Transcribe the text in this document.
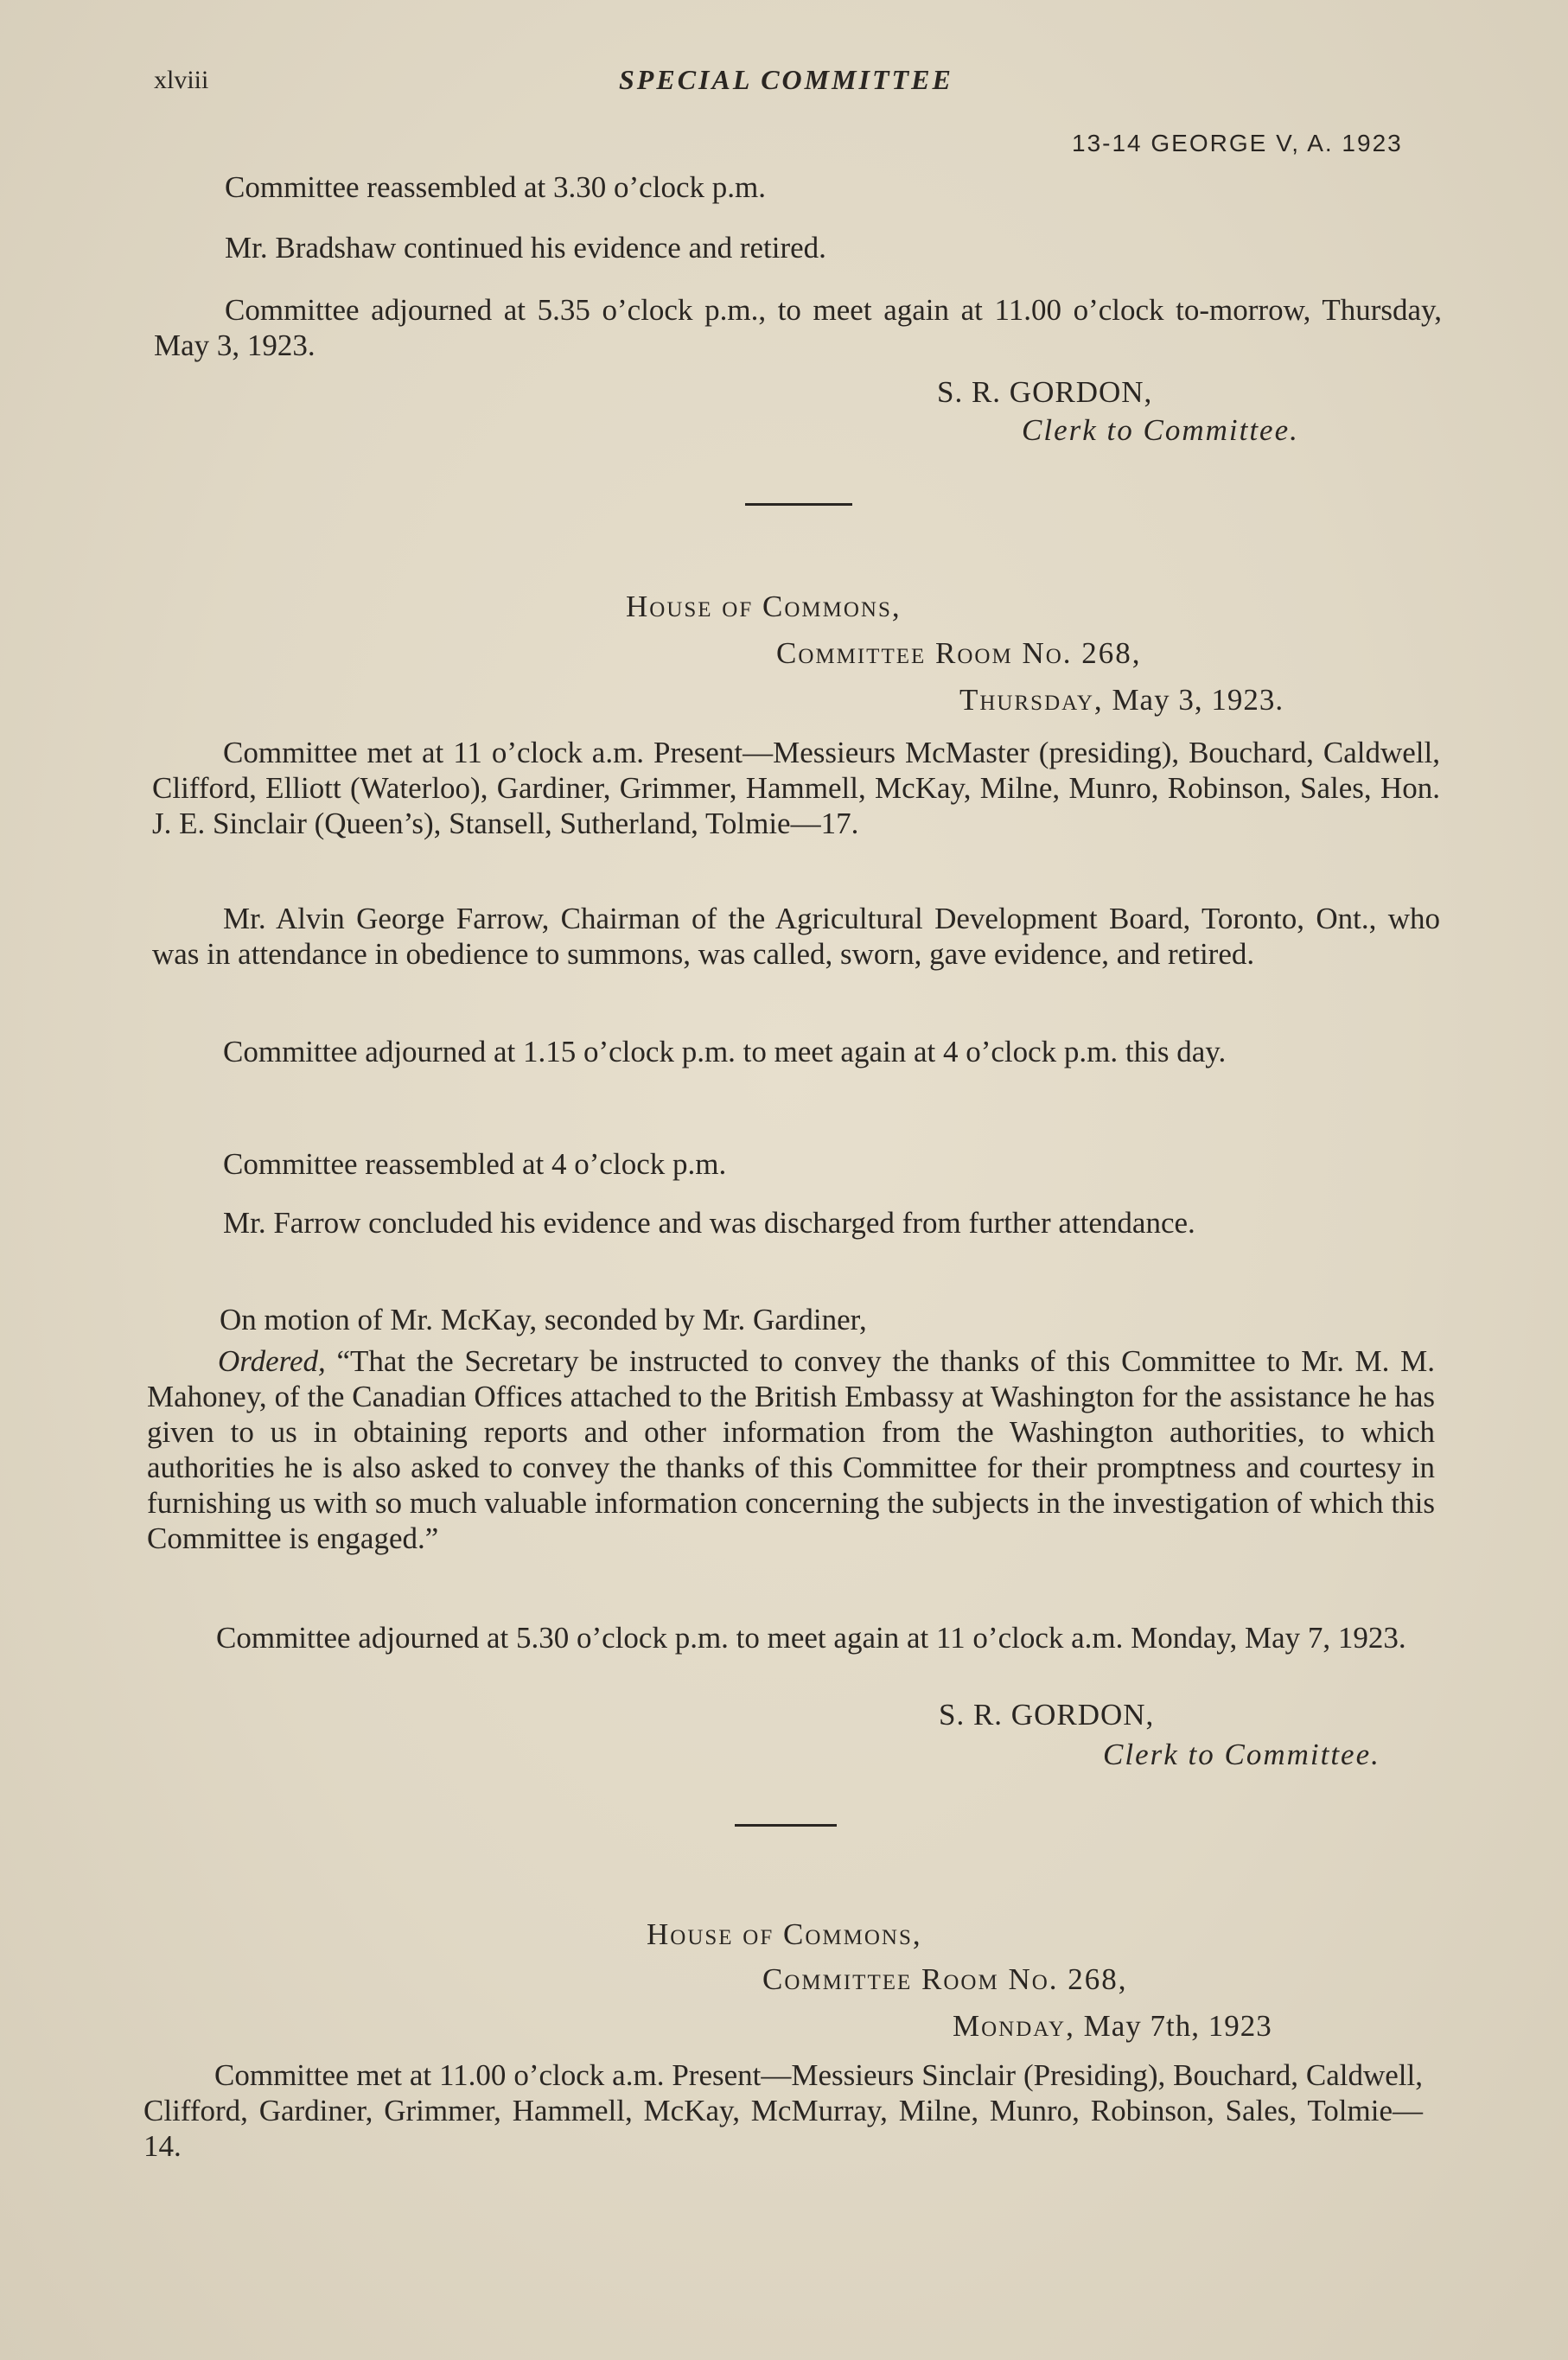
xlviii	SPECIAL COMMITTEE
13-14 GEORGE V, A. 1923

Committee reassembled at 3.30 o’clock p.m.

Mr. Bradshaw continued his evidence and retired.

Committee adjourned at 5.35 o’clock p.m., to meet again at 11.00 o’clock to-morrow, Thursday, May 3, 1923.

S. R. GORDON,
Clerk to Committee.
House of Commons,
Committee Room No. 268,
Thursday, May 3, 1923.

Committee met at 11 o’clock a.m. Present—Messieurs McMaster (presiding), Bouchard, Caldwell, Clifford, Elliott (Waterloo), Gardiner, Grimmer, Hammell, McKay, Milne, Munro, Robinson, Sales, Hon. J. E. Sinclair (Queen’s), Stansell, Sutherland, Tolmie—17.

Mr. Alvin George Farrow, Chairman of the Agricultural Development Board, Toronto, Ont., who was in attendance in obedience to summons, was called, sworn, gave evidence, and retired.

Committee adjourned at 1.15 o’clock p.m. to meet again at 4 o’clock p.m. this day.

Committee reassembled at 4 o’clock p.m.

Mr. Farrow concluded his evidence and was discharged from further attendance.

On motion of Mr. McKay, seconded by Mr. Gardiner,

Ordered, “That the Secretary be instructed to convey the thanks of this Committee to Mr. M. M. Mahoney, of the Canadian Offices attached to the British Embassy at Washington for the assistance he has given to us in obtaining reports and other information from the Washington authorities, to which authorities he is also asked to convey the thanks of this Committee for their promptness and courtesy in furnishing us with so much valuable information concerning the subjects in the investigation of which this Committee is engaged.”

Committee adjourned at 5.30 o’clock p.m. to meet again at 11 o’clock a.m. Monday, May 7, 1923.

S. R. GORDON,
Clerk to Committee.
House of Commons,
Committee Room No. 268,
Monday, May 7th, 1923

Committee met at 11.00 o’clock a.m. Present—Messieurs Sinclair (Presiding), Bouchard, Caldwell, Clifford, Gardiner, Grimmer, Hammell, McKay, McMurray, Milne, Munro, Robinson, Sales, Tolmie—14.
